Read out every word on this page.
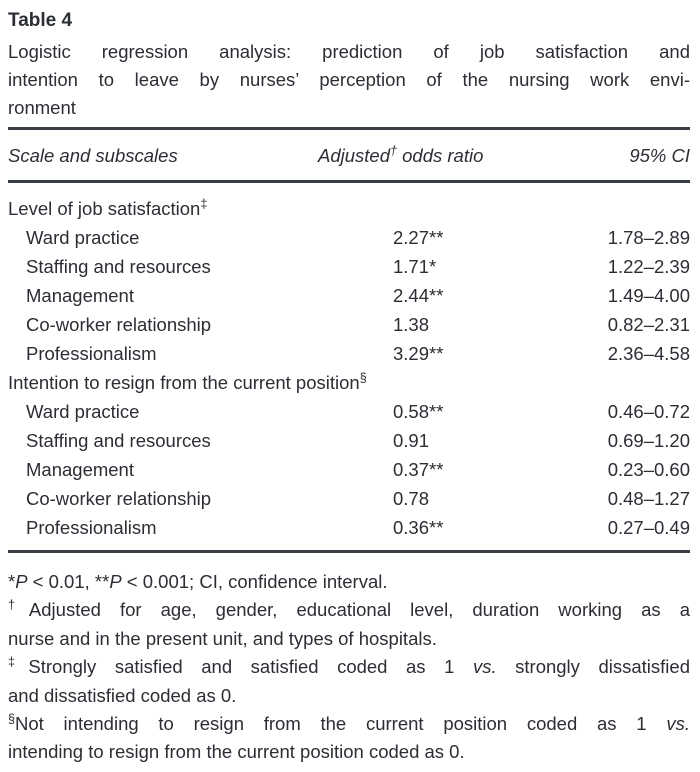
Table 4
Logistic regression analysis: prediction of job satisfaction and
intention to leave by nurses’ perception of the nursing work envi-
ronment
Scale and subscales	Adjusted† odds ratio	95% CI
Level of job satisfaction‡
Ward practice	2.27**	1.78–2.89
Staffing and resources	1.71*	1.22–2.39
Management	2.44**	1.49–4.00
Co-worker relationship	1.38	0.82–2.31
Professionalism	3.29**	2.36–4.58
Intention to resign from the current position§
Ward practice	0.58**	0.46–0.72
Staffing and resources	0.91	0.69–1.20
Management	0.37**	0.23–0.60
Co-worker relationship	0.78	0.48–1.27
Professionalism	0.36**	0.27–0.49
*P < 0.01, **P < 0.001; CI, confidence interval.
†Adjusted for age, gender, educational level, duration working as a
nurse and in the present unit, and types of hospitals.
‡Strongly satisfied and satisfied coded as 1 vs. strongly dissatisfied
and dissatisfied coded as 0.
§Not intending to resign from the current position coded as 1 vs.
intending to resign from the current position coded as 0.
